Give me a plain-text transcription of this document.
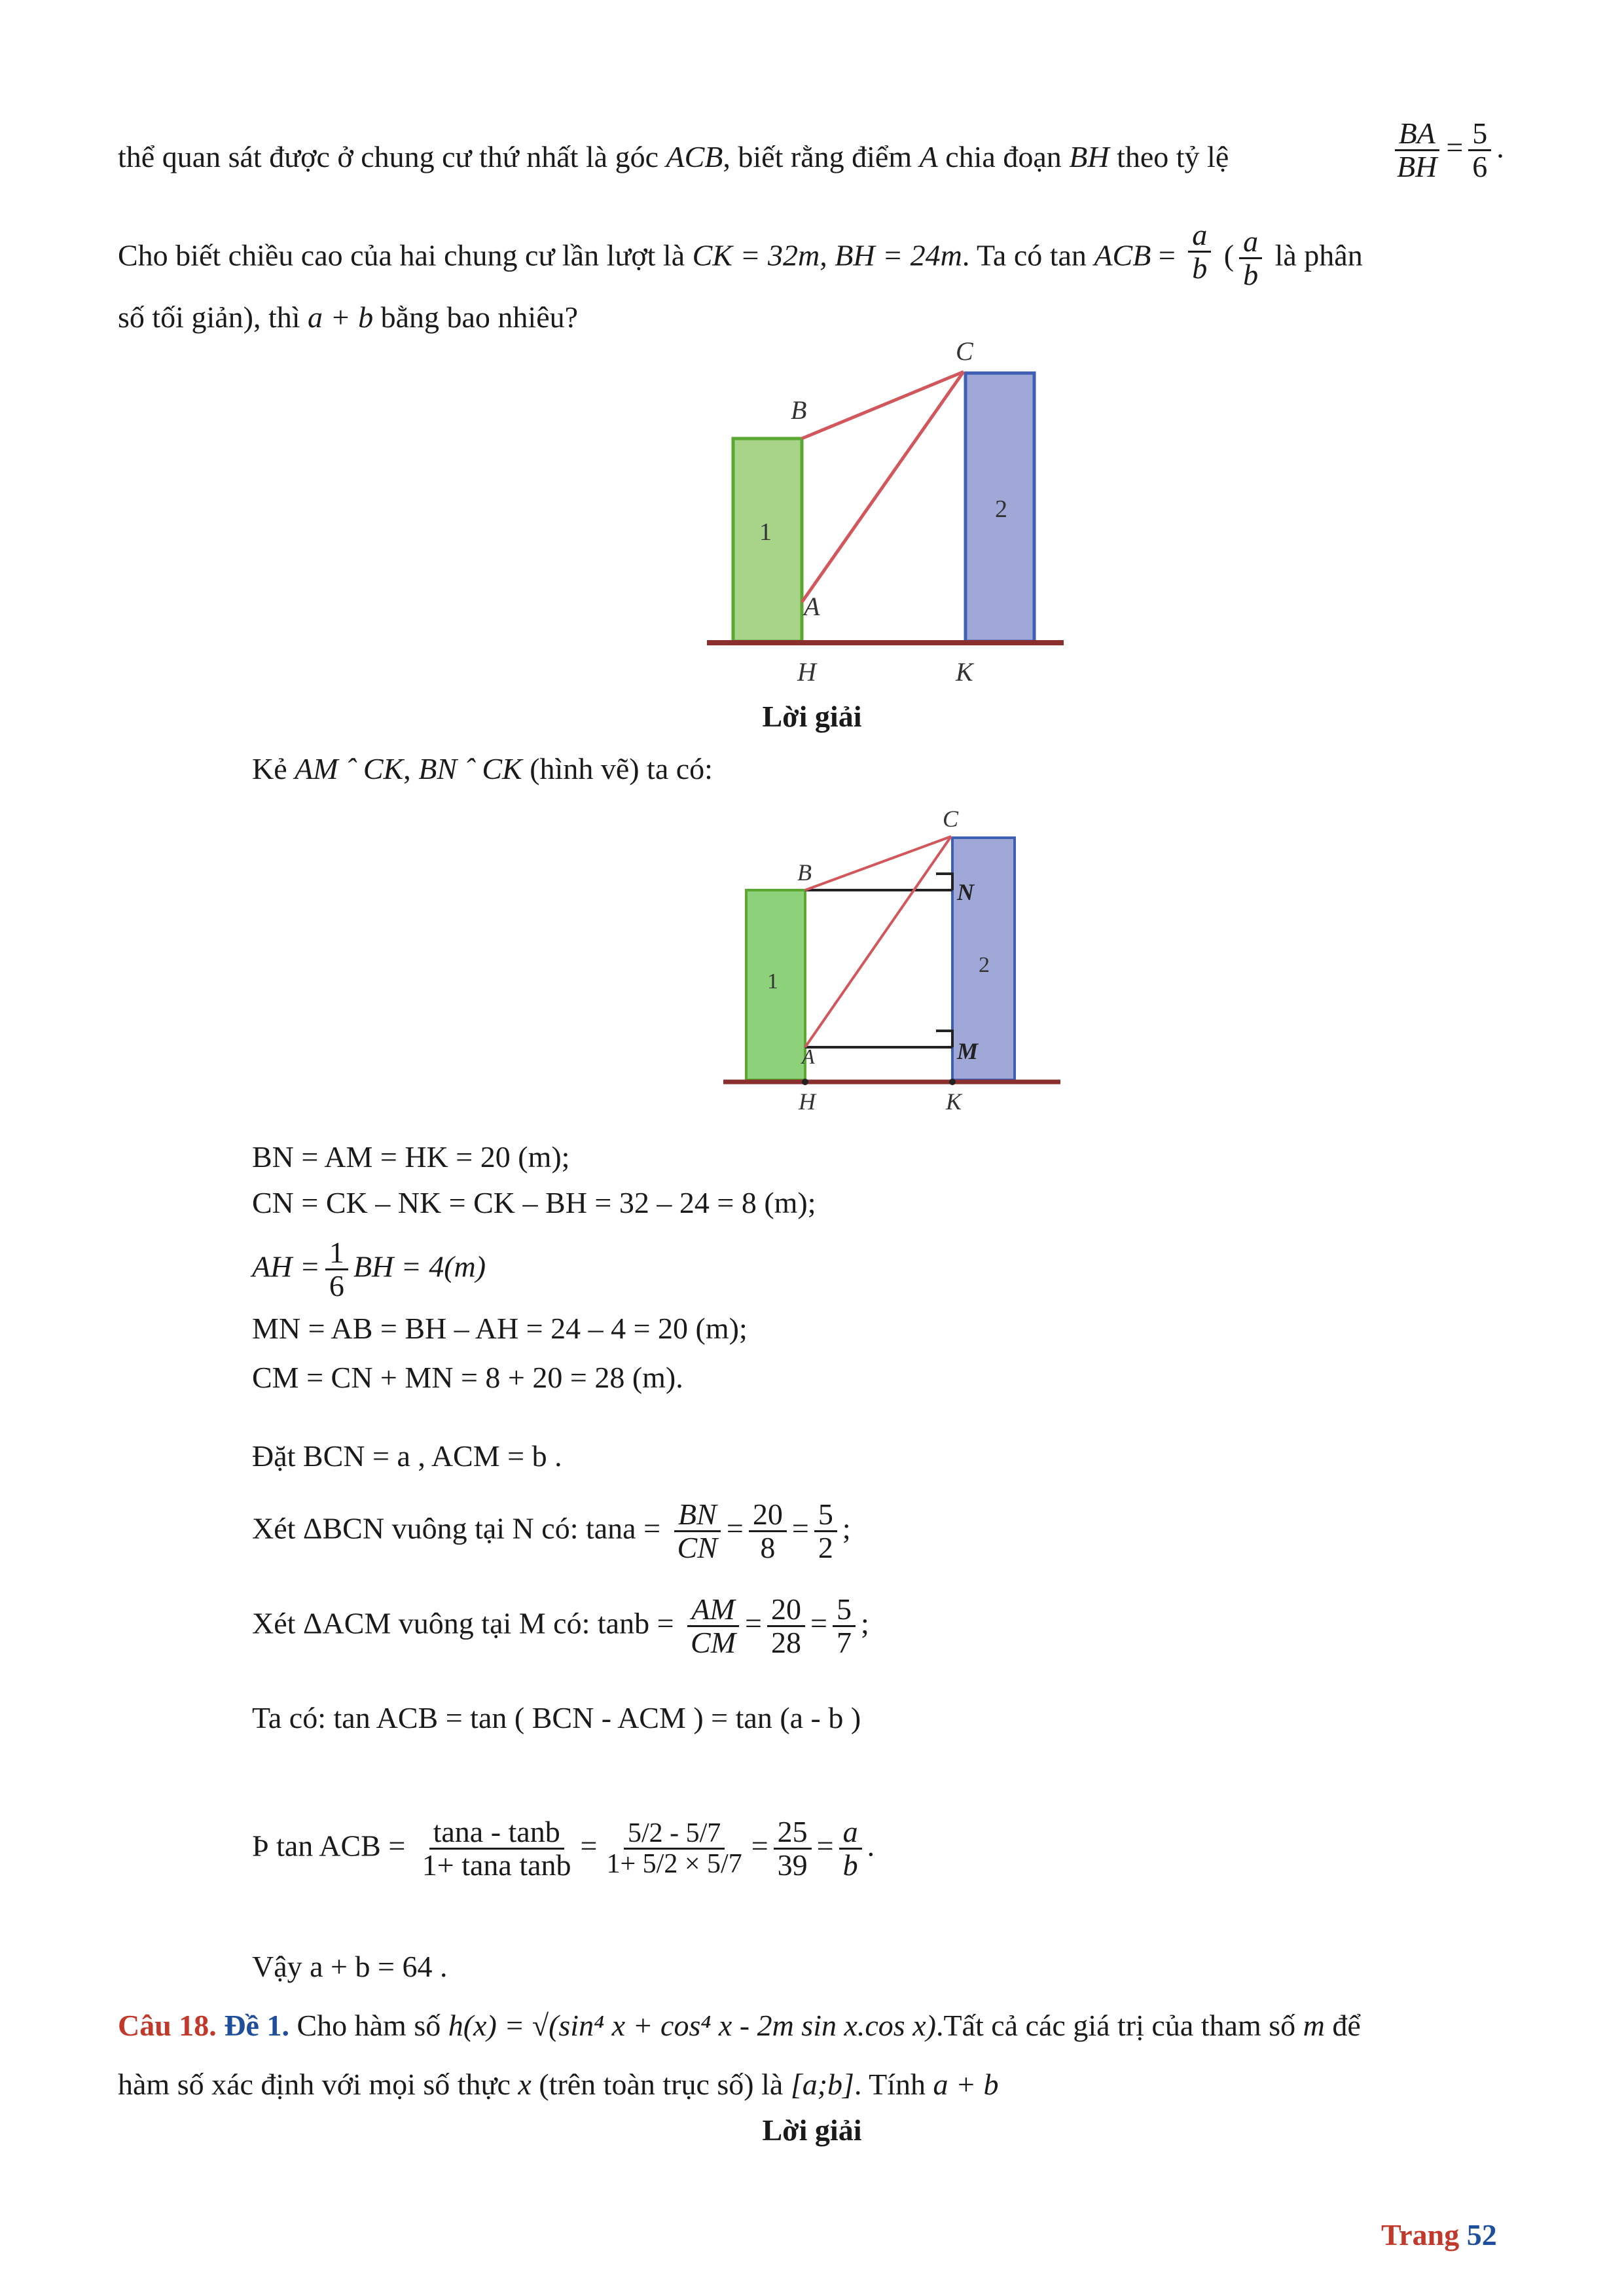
thể quan sát được ở chung cư thứ nhất là góc ACB, biết rằng điểm A chia đoạn BH theo tỷ lệ	$\frac{BA}{BH} = \frac{5}{6}$ .
Cho biết chiều cao của hai chung cư lần lượt là CK = 32m, BH = 24m. Ta có tan ACB = $\frac{a}{b}$ ( $\frac{a}{b}$ là phân
số tối giản), thì a + b bằng bao nhiêu?
C
B
1
2
A
H	K
Lời giải
Kẻ AM ˆ CK, BN ˆ CK (hình vẽ) ta có:
C
B
N
1
2
M
A
H	K
BN = AM = HK = 20 (m);
CN = CK – NK = CK – BH = 32 – 24 = 8 (m);
AH = $\frac{1}{6}$ BH = 4(m)
MN = AB = BH – AH = 24 – 4 = 20 (m);
CM = CN + MN = 8 + 20 = 28 (m).
Đặt BCN = a , ACM = b .
Xét ΔBCN vuông tại N có: $\tan a = \frac{BN}{CN} = \frac{20}{8} = \frac{5}{2}$ ;
Xét ΔACM vuông tại M có: $\tan b = \frac{AM}{CM} = \frac{20}{28} = \frac{5}{7}$ ;
Ta có: tan ACB = tan ( BCN - ACM ) = tan (a - b )
Þ tan ACB = $\frac{\tan a - \tan b}{\text{1+ tana tanb}} = \frac{5/2 - 5/7}{1+ 5/2 \times 5/7} = \frac{25}{39} = \frac{a}{b}$ .
Vậy a + b = 64 .
Câu 18. Đề 1. Cho hàm số h(x) = √(sin⁴ x + cos⁴ x - 2m sin x.cos x).Tất cả các giá trị của tham số m để
hàm số xác định với mọi số thực x (trên toàn trục số) là [a;b]. Tính a + b
Lời giải
Trang 52
